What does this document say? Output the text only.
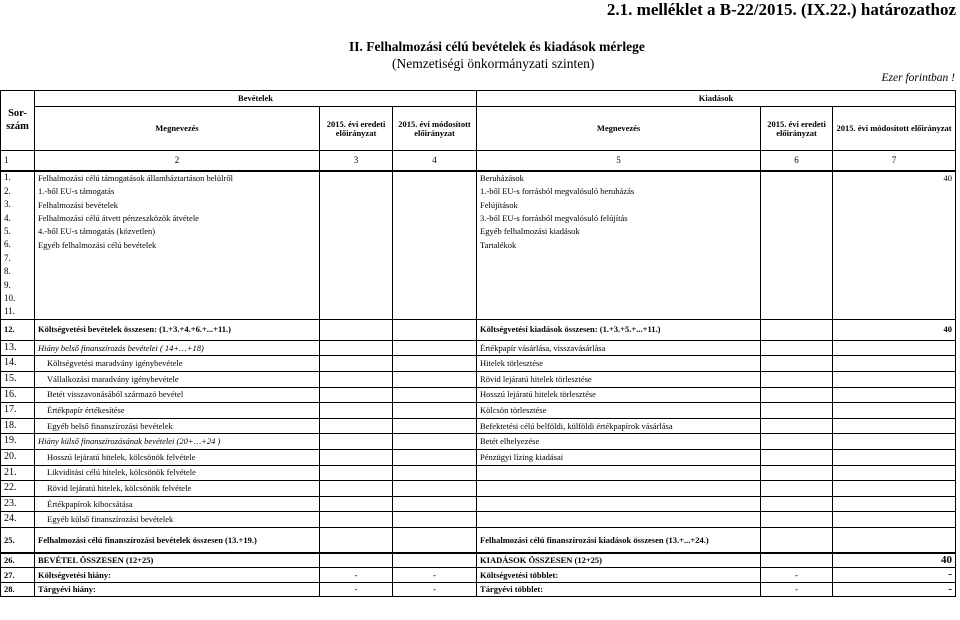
2.1. melléklet a B-22/2015. (IX.22.) határozathoz
II. Felhalmozási célú bevételek és kiadások mérlege
(Nemzetiségi önkormányzati szinten)
Ezer forintban !
Sor-
szám	Bevételek			Kiadások		
	Megnevezés	2015. évi eredeti előirányzat	2015. évi módosított előirányzat	Megnevezés	2015. évi eredeti előirányzat	2015. évi módosított előirányzat
1	2	3	4	5	6	7
1.	Felhalmozási célú támogatások államháztartáson belülről			Beruházások		40
2.	1.-ből EU-s támogatás			1.-ből EU-s forrásból megvalósuló beruházás		
3.	Felhalmozási bevételek			Felújítások		
4.	Felhalmozási célú átvett pénzeszközök átvétele			3.-ból EU-s forrásból megvalósuló felújítás		
5.	4.-ből EU-s támogatás (közvetlen)			Egyéb felhalmozási kiadások		
6.	Egyéb felhalmozási célú bevételek			Tartalékok		
7.						
8.						
9.						
10.						
11.						
12.	Költségvetési bevételek összesen: (1.+3.+4.+6.+...+11.)			Költségvetési kiadások összesen: (1.+3.+5.+...+11.)		40
13.	Hiány belső finanszírozás bevételei ( 14+…+18)			Értékpapír vásárlása, visszavásárlása		
14.	Költségvetési maradvány igénybevétele			Hitelek törlesztése		
15.	Vállalkozási maradvány igénybevétele			Rövid lejáratú hitelek törlesztése		
16.	Betét visszavonásából származó bevétel			Hosszú lejáratú hitelek törlesztése		
17.	Értékpapír értékesítése			Kölcsön törlesztése		
18.	Egyéb belső finanszírozási bevételek			Befektetési célú belföldi, külföldi értékpapírok vásárlása		
19.	Hiány külső finanszírozásának bevételei (20+…+24 )			Betét elhelyezése		
20.	Hosszú lejáratú hitelek, kölcsönök felvétele			Pénzügyi lízing kiadásai		
21.	Likviditási célú hitelek, kölcsönök felvétele					
22.	Rövid lejáratú hitelek, kölcsönök felvétele					
23.	Értékpapírok kibocsátása					
24.	Egyéb külső finanszírozási bevételek					
25.	Felhalmozási célú finanszírozási bevételek összesen (13.+19.)			Felhalmozási célú finanszírozási kiadások összesen (13.+...+24.)		
26.	BEVÉTEL ÖSSZESEN (12+25)			KIADÁSOK ÖSSZESEN (12+25)		40
27.	Költségvetési hiány:	-	-	Költségvetési többlet:	-	-
28.	Tárgyévi hiány:	-	-	Tárgyévi többlet:	-	-
